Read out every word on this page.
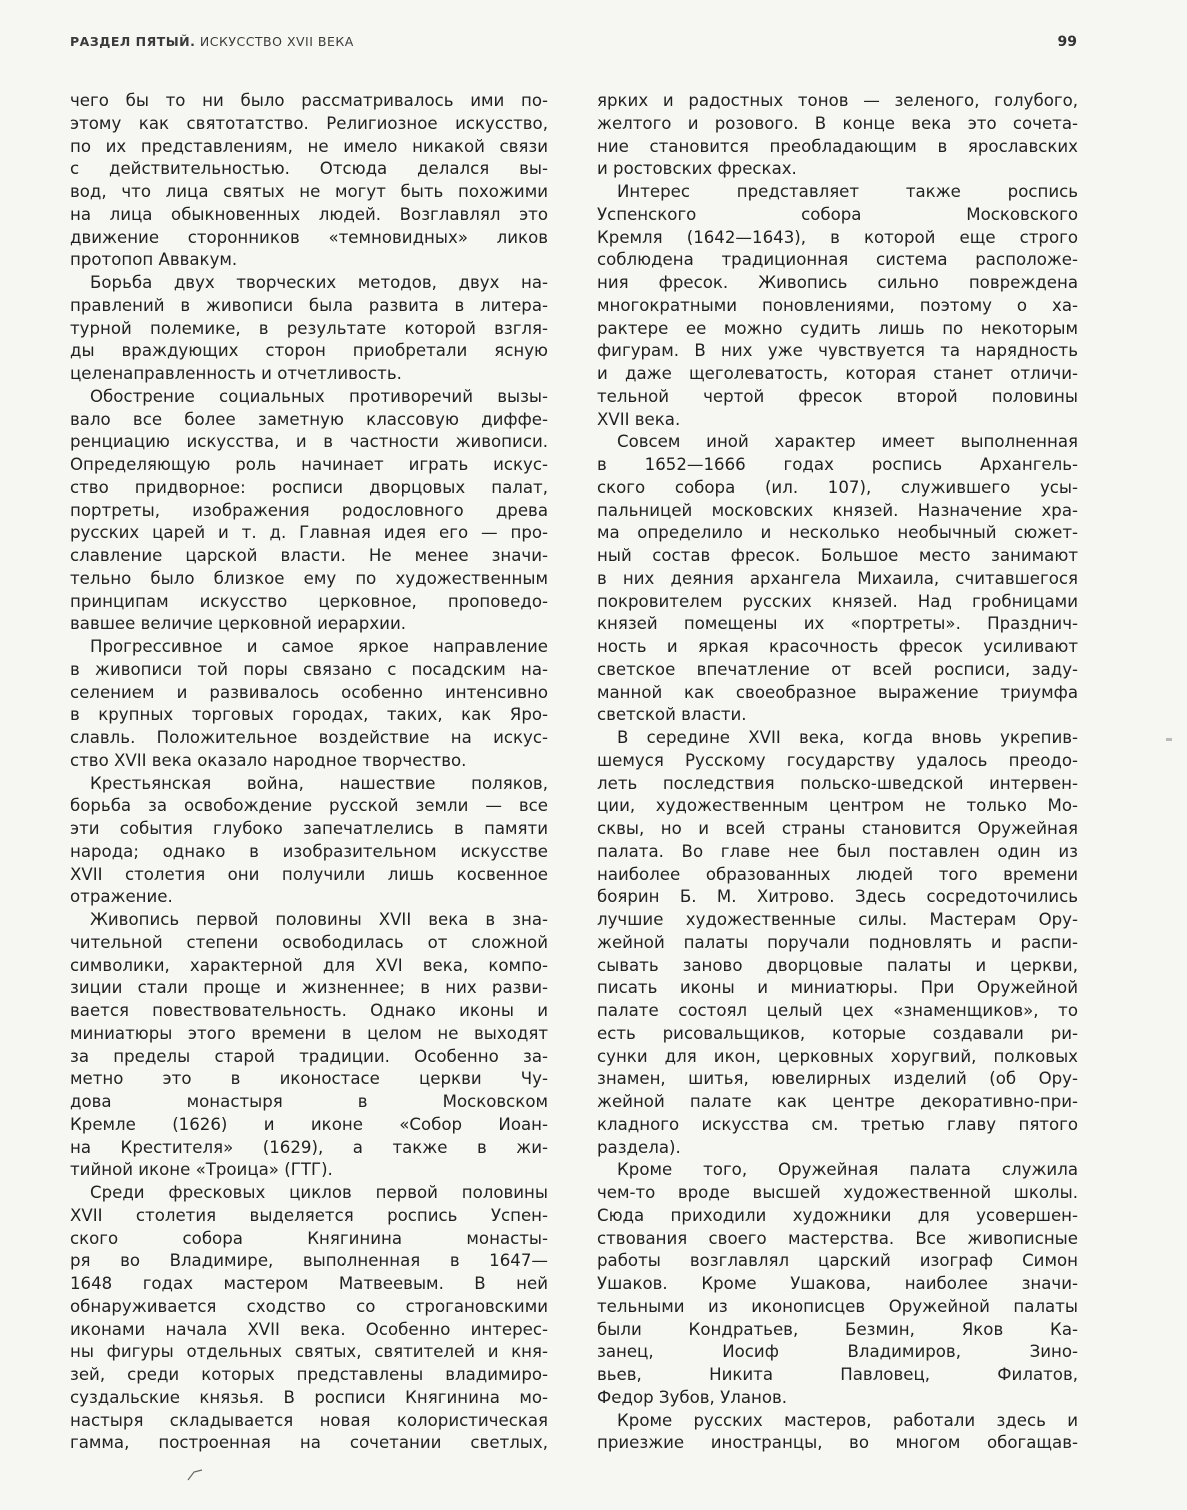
РАЗДЕЛ ПЯТЫЙ. ИСКУССТВО XVII ВЕКА	99
чего бы то ни было рассматривалось ими по-
этому как святотатство. Религиозное искусство,
по их представлениям, не имело никакой связи
с действительностью. Отсюда делался вы-
вод, что лица святых не могут быть похожими
на лица обыкновенных людей. Возглавлял это
движение сторонников «темновидных» ликов
протопоп Аввакум.
Борьба двух творческих методов, двух на-
правлений в живописи была развита в литера-
турной полемике, в результате которой взгля-
ды враждующих сторон приобретали ясную
целенаправленность и отчетливость.
Обострение социальных противоречий вызы-
вало все более заметную классовую диффе-
ренциацию искусства, и в частности живописи.
Определяющую роль начинает играть искус-
ство придворное: росписи дворцовых палат,
портреты, изображения родословного древа
русских царей и т. д. Главная идея его — про-
славление царской власти. Не менее значи-
тельно было близкое ему по художественным
принципам искусство церковное, проповедо-
вавшее величие церковной иерархии.
Прогрессивное и самое яркое направление
в живописи той поры связано с посадским на-
селением и развивалось особенно интенсивно
в крупных торговых городах, таких, как Яро-
славль. Положительное воздействие на искус-
ство XVII века оказало народное творчество.
Крестьянская война, нашествие поляков,
борьба за освобождение русской земли — все
эти события глубоко запечатлелись в памяти
народа; однако в изобразительном искусстве
XVII столетия они получили лишь косвенное
отражение.
Живопись первой половины XVII века в зна-
чительной степени освободилась от сложной
символики, характерной для XVI века, компо-
зиции стали проще и жизненнее; в них разви-
вается повествовательность. Однако иконы и
миниатюры этого времени в целом не выходят
за пределы старой традиции. Особенно за-
метно это в иконостасе церкви Чу-
дова монастыря в Московском
Кремле (1626) и иконе «Собор Иоан-
на Крестителя» (1629), а также в жи-
тийной иконе «Троица» (ГТГ).
Среди фресковых циклов первой половины
XVII столетия выделяется роспись Успен-
ского собора Княгинина монасты-
ря во Владимире, выполненная в 1647—
1648 годах мастером Матвеевым. В ней
обнаруживается сходство со строгановскими
иконами начала XVII века. Особенно интерес-
ны фигуры отдельных святых, святителей и кня-
зей, среди которых представлены владимиро-
суздальские князья. В росписи Княгинина мо-
настыря складывается новая колористическая
гамма, построенная на сочетании светлых,
ярких и радостных тонов — зеленого, голубого,
желтого и розового. В конце века это сочета-
ние становится преобладающим в ярославских
и ростовских фресках.
Интерес представляет также роспись
Успенского собора Московского
Кремля (1642—1643), в которой еще строго
соблюдена традиционная система расположе-
ния фресок. Живопись сильно повреждена
многократными поновлениями, поэтому о ха-
рактере ее можно судить лишь по некоторым
фигурам. В них уже чувствуется та нарядность
и даже щеголеватость, которая станет отличи-
тельной чертой фресок второй половины
XVII века.
Совсем иной характер имеет выполненная
в 1652—1666 годах роспись Архангель-
ского собора (ил. 107), служившего усы-
пальницей московских князей. Назначение хра-
ма определило и несколько необычный сюжет-
ный состав фресок. Большое место занимают
в них деяния архангела Михаила, считавшегося
покровителем русских князей. Над гробницами
князей помещены их «портреты». Празднич-
ность и яркая красочность фресок усиливают
светское впечатление от всей росписи, заду-
манной как своеобразное выражение триумфа
светской власти.
В середине XVII века, когда вновь укрепив-
шемуся Русскому государству удалось преодо-
леть последствия польско-шведской интервен-
ции, художественным центром не только Мо-
сквы, но и всей страны становится Оружейная
палата. Во главе нее был поставлен один из
наиболее образованных людей того времени
боярин Б. М. Хитрово. Здесь сосредоточились
лучшие художественные силы. Мастерам Ору-
жейной палаты поручали подновлять и распи-
сывать заново дворцовые палаты и церкви,
писать иконы и миниатюры. При Оружейной
палате состоял целый цех «знаменщиков», то
есть рисовальщиков, которые создавали ри-
сунки для икон, церковных хоругвий, полковых
знамен, шитья, ювелирных изделий (об Ору-
жейной палате как центре декоративно-при-
кладного искусства см. третью главу пятого
раздела).
Кроме того, Оружейная палата служила
чем-то вроде высшей художественной школы.
Сюда приходили художники для усовершен-
ствования своего мастерства. Все живописные
работы возглавлял царский изограф Симон
Ушаков. Кроме Ушакова, наиболее значи-
тельными из иконописцев Оружейной палаты
были Кондратьев, Безмин, Яков Ка-
занец, Иосиф Владимиров, Зино-
вьев, Никита Павловец, Филатов,
Федор Зубов, Уланов.
Кроме русских мастеров, работали здесь и
приезжие иностранцы, во многом обогащав-
